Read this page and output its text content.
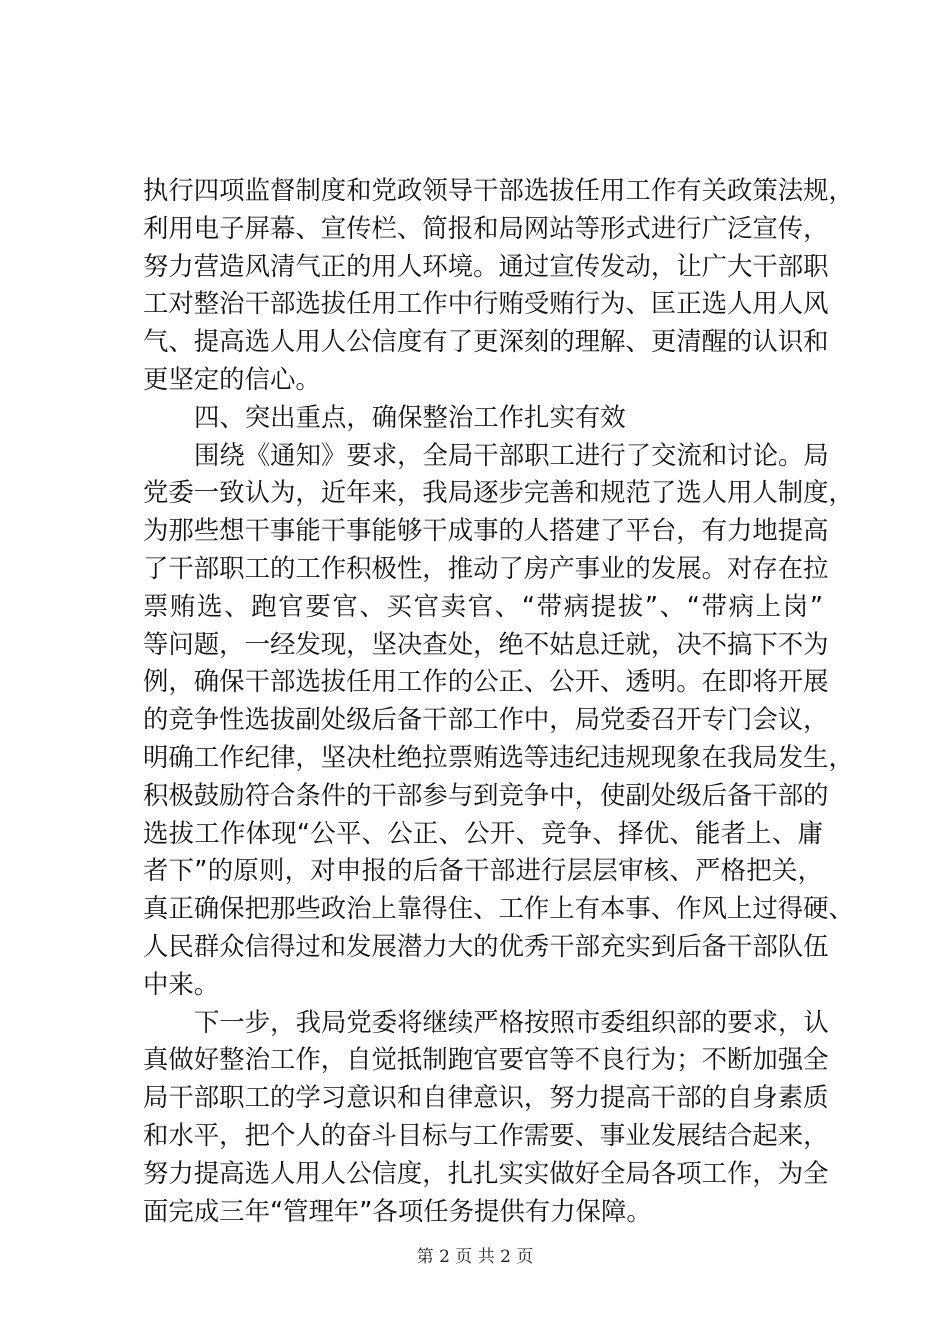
执行四项监督制度和党政领导干部选拔任用工作有关政策法规，
利用电子屏幕、宣传栏、简报和局网站等形式进行广泛宣传，
努力营造风清气正的用人环境。通过宣传发动，让广大干部职
工对整治干部选拔任用工作中行贿受贿行为、匡正选人用人风
气、提高选人用人公信度有了更深刻的理解、更清醒的认识和
更坚定的信心。
四、突出重点，确保整治工作扎实有效
围绕《通知》要求，全局干部职工进行了交流和讨论。局
党委一致认为，近年来，我局逐步完善和规范了选人用人制度，
为那些想干事能干事能够干成事的人搭建了平台，有力地提高
了干部职工的工作积极性，推动了房产事业的发展。对存在拉
票贿选、跑官要官、买官卖官、“带病提拔”、“带病上岗”
等问题，一经发现，坚决查处，绝不姑息迁就，决不搞下不为
例，确保干部选拔任用工作的公正、公开、透明。在即将开展
的竞争性选拔副处级后备干部工作中，局党委召开专门会议，
明确工作纪律，坚决杜绝拉票贿选等违纪违规现象在我局发生，
积极鼓励符合条件的干部参与到竞争中，使副处级后备干部的
选拔工作体现“公平、公正、公开、竞争、择优、能者上、庸
者下”的原则，对申报的后备干部进行层层审核、严格把关，
真正确保把那些政治上靠得住、工作上有本事、作风上过得硬、
人民群众信得过和发展潜力大的优秀干部充实到后备干部队伍
中来。
下一步，我局党委将继续严格按照市委组织部的要求，认
真做好整治工作，自觉抵制跑官要官等不良行为；不断加强全
局干部职工的学习意识和自律意识，努力提高干部的自身素质
和水平，把个人的奋斗目标与工作需要、事业发展结合起来，
努力提高选人用人公信度，扎扎实实做好全局各项工作，为全
面完成三年“管理年”各项任务提供有力保障。
第 2 页 共 2 页
